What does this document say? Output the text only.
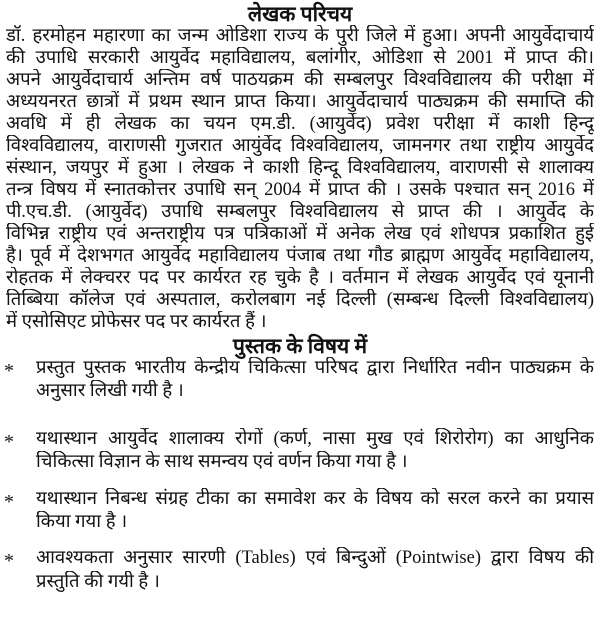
लेखक परिचय
डॉ. हरमोहन महारणा का जन्म ओडिशा राज्य के पुरी जिले में हुआ। अपनी आयुर्वेदाचार्य
की उपाधि सरकारी आयुर्वेद महाविद्यालय, बलांगीर, ओडिशा से 2001 में प्राप्त की।
अपने आयुर्वेदाचार्य अन्तिम वर्ष पाठयक्रम की सम्बलपुर विश्वविद्यालय की परीक्षा में
अध्ययनरत छात्रों में प्रथम स्थान प्राप्त किया। आयुर्वेदाचार्य पाठ्यक्रम की समाप्ति की
अवधि में ही लेखक का चयन एम.डी. (आयुर्वेद) प्रवेश परीक्षा में काशी हिन्दू
विश्वविद्यालय, वाराणसी गुजरात आयुंर्वेद विश्वविद्यालय, जामनगर तथा राष्ट्रीय आयुर्वेद
संस्थान, जयपुर में हुआ । लेखक ने काशी हिन्दू विश्वविद्यालय, वाराणसी से शालाक्य
तन्त्र विषय में स्नातकोत्तर उपाधि सन् 2004 में प्राप्त की । उसके पश्चात सन् 2016 में
पी.एच.डी. (आयुर्वेद) उपाधि सम्बलपुर विश्वविद्यालय से प्राप्त की । आयुर्वेद के
विभिन्न राष्ट्रीय एवं अन्तराष्ट्रीय पत्र पत्रिकाओं में अनेक लेख एवं शोधपत्र प्रकाशित हुई
है। पूर्व में देशभगत आयुर्वेद महाविद्यालय पंजाब तथा गौड ब्राह्मण आयुर्वेद महाविद्यालय,
रोहतक में लेक्चरर पद पर कार्यरत रह चुके है । वर्तमान में लेखक आयुर्वेद एवं यूनानी
तिब्बिया कॉलेज एवं अस्पताल, करोलबाग नई दिल्ली (सम्बन्ध दिल्ली विश्वविद्यालय)
में एसोसिएट प्रोफेसर पद पर कार्यरत हैं ।
पुस्तक के विषय में
* प्रस्तुत पुस्तक भारतीय केन्द्रीय चिकित्सा परिषद द्वारा निर्धारित नवीन पाठ्यक्रम के
अनुसार लिखी गयी है ।
* यथास्थान आयुर्वेद शालाक्य रोगों (कर्ण, नासा मुख एवं शिरोरोग) का आधुनिक
चिकित्सा विज्ञान के साथ समन्वय एवं वर्णन किया गया है ।
* यथास्थान निबन्ध संग्रह टीका का समावेश कर के विषय को सरल करने का प्रयास
किया गया है ।
* आवश्यकता अनुसार सारणी (Tables) एवं बिन्दुओं (Pointwise) द्वारा विषय की
प्रस्तुति की गयी है ।
